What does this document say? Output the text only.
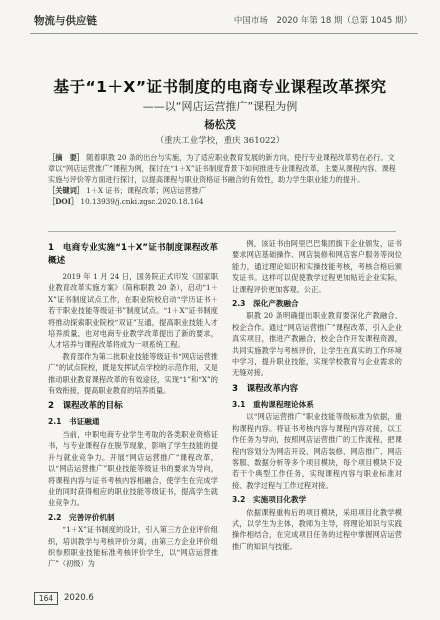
物流与供应链	中国市场　2020 年第 18 期（总第 1045 期）
基于“1＋X”证书制度的电商专业课程改革探究
——以“网店运营推广”课程为例
杨松茂
（重庆工业学校，重庆 361022）

［摘　要］ 随着职教 20 条的出台与实施，为了适应职业教育发展的新方向，使行专业课程改革势在必行。文章以“网店运营推广”课程为例，探讨在“1＋X”证书制度背景下如何推进专业课程改革，主要从课程内容、课程实施与评价等方面进行探讨，以提高课程与职业资格证书融合的有效性，助力学生职业能力的提升。

［关键词］ 1＋X 证书；课程改革；网店运营推广

［DOI］ 10.13939/j.cnki.zgsc.2020.18.164

1　电商专业实施“1＋X”证书制度课程改革概述

2019 年 1 月 24 日，国务院正式印发《国家职业教育改革实施方案》（简称职教 20 条），启动“1＋X”证书制度试点工作，在职业院校启动“学历证书＋若干职业技能等级证书”制度试点。“1＋X”证书制度将推动探索职业院校“双证”互通，提高职业技能人才培养质量，也对电商专业教学改革提出了新的要求，人才培养与课程改革将成为一项系统工程。

教育部作为第二批职业技能等级证书“网店运营推广”的试点院校，既是发挥试点学校的示范作用，又是推动职业教育课程改革的有效途径，实现“1”和“X”的有效衔接，提高职业教育的培养质量。

2　课程改革的目标

2.1　书证融通

当前，中职电商专业学生考取的各类职业资格证书，与专业课程存在脱节现象，影响了学生技能的提升与就业竞争力。开展“网店运营推广”课程改革，以“网店运营推广”职业技能等级证书的要求为导向，将课程内容与证书考核内容相融合，使学生在完成学业的同时获得相应的职业技能等级证书，提高学生就业竞争力。

2.2　完善评价机制

“1＋X”证书制度的设计，引入第三方企业评价组织，培训教学与考核评价分离，由第三方企业评价组织参照职业技能标准考核评价学生，以“网店运营推广”（初级）为

例，该证书由阿里巴巴集团旗下企业颁发，证书要求网店基础操作、网店装修和网店客户服务等岗位能力，通过理论知识和实操技能考核，考核合格后颁发证书。这样可以促使教学过程更加贴近企业实际，让课程评价更加客观、公正。

2.3　深化产教融合

职教 20 条明确提出职业教育要深化产教融合、校企合作。通过“网店运营推广”课程改革，引入企业真实项目，推进产教融合，校企合作开发课程资源，共同实施教学与考核评价，让学生在真实的工作环境中学习，提升职业技能，实现学校教育与企业需求的无缝对接。

3　课程改革内容

3.1　重构课程理论体系

以“网店运营推广”职业技能等级标准为依据，重构课程内容。将证书考核内容与课程内容对接，以工作任务为导向，按照网店运营推广的工作流程，把课程内容划分为网店开设、网店装修、网店推广、网店客服、数据分析等多个项目模块，每个项目模块下设若干个典型工作任务，实现课程内容与职业标准对接、教学过程与工作过程对接。

3.2　实施项目化教学

依据课程重构后的项目模块，采用项目化教学模式，以学生为主体，教师为主导，将理论知识与实践操作相结合，在完成项目任务的过程中掌握网店运营推广的知识与技能。

164	2020.6
